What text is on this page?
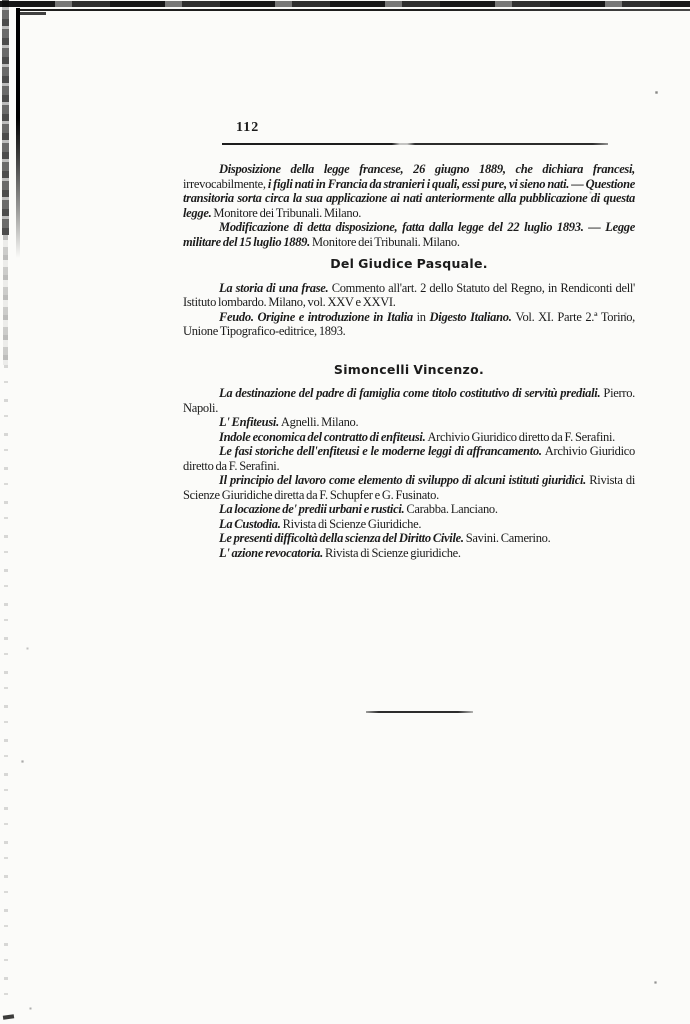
112

Disposizione della legge francese, 26 giugno 1889, che dichiara francesi, irrevocabilmente, i figli nati in Francia da stranieri i quali, essi pure, vi sieno nati. — Questione transitoria sorta circa la sua applicazione ai nati anteriormente alla pubblicazione di questa legge. Monitore dei Tribunali. Milano.

Modificazione di detta disposizione, fatta dalla legge del 22 luglio 1893. — Legge militare del 15 luglio 1889. Monitore dei Tribunali. Milano.

Del Giudice Pasquale.

La storia di una frase. Commento all'art. 2 dello Statuto del Regno, in Rendiconti dell' Istituto lombardo. Milano, vol. XXV e XXVI.

Feudo. Origine e introduzione in Italia in Digesto Italiano. Vol. XI. Parte 2.ª Torino, Unione Tipografico-editrice, 1893.

Simoncelli Vincenzo.

La destinazione del padre di famiglia come titolo costitutivo di servitù prediali. Pierro. Napoli.

L' Enfiteusi. Agnelli. Milano.

Indole economica del contratto di enfiteusi. Archivio Giuridico diretto da F. Serafini.

Le fasi storiche dell'enfiteusi e le moderne leggi di affrancamento. Archivio Giuridico diretto da F. Serafini.

Il principio del lavoro come elemento di sviluppo di alcuni istituti giuridici. Rivista di Scienze Giuridiche diretta da F. Schupfer e G. Fusinato.

La locazione de' predii urbani e rustici. Carabba. Lanciano.

La Custodia. Rivista di Scienze Giuridiche.

Le presenti difficoltà della scienza del Diritto Civile. Savini. Camerino.

L' azione revocatoria. Rivista di Scienze giuridiche.
